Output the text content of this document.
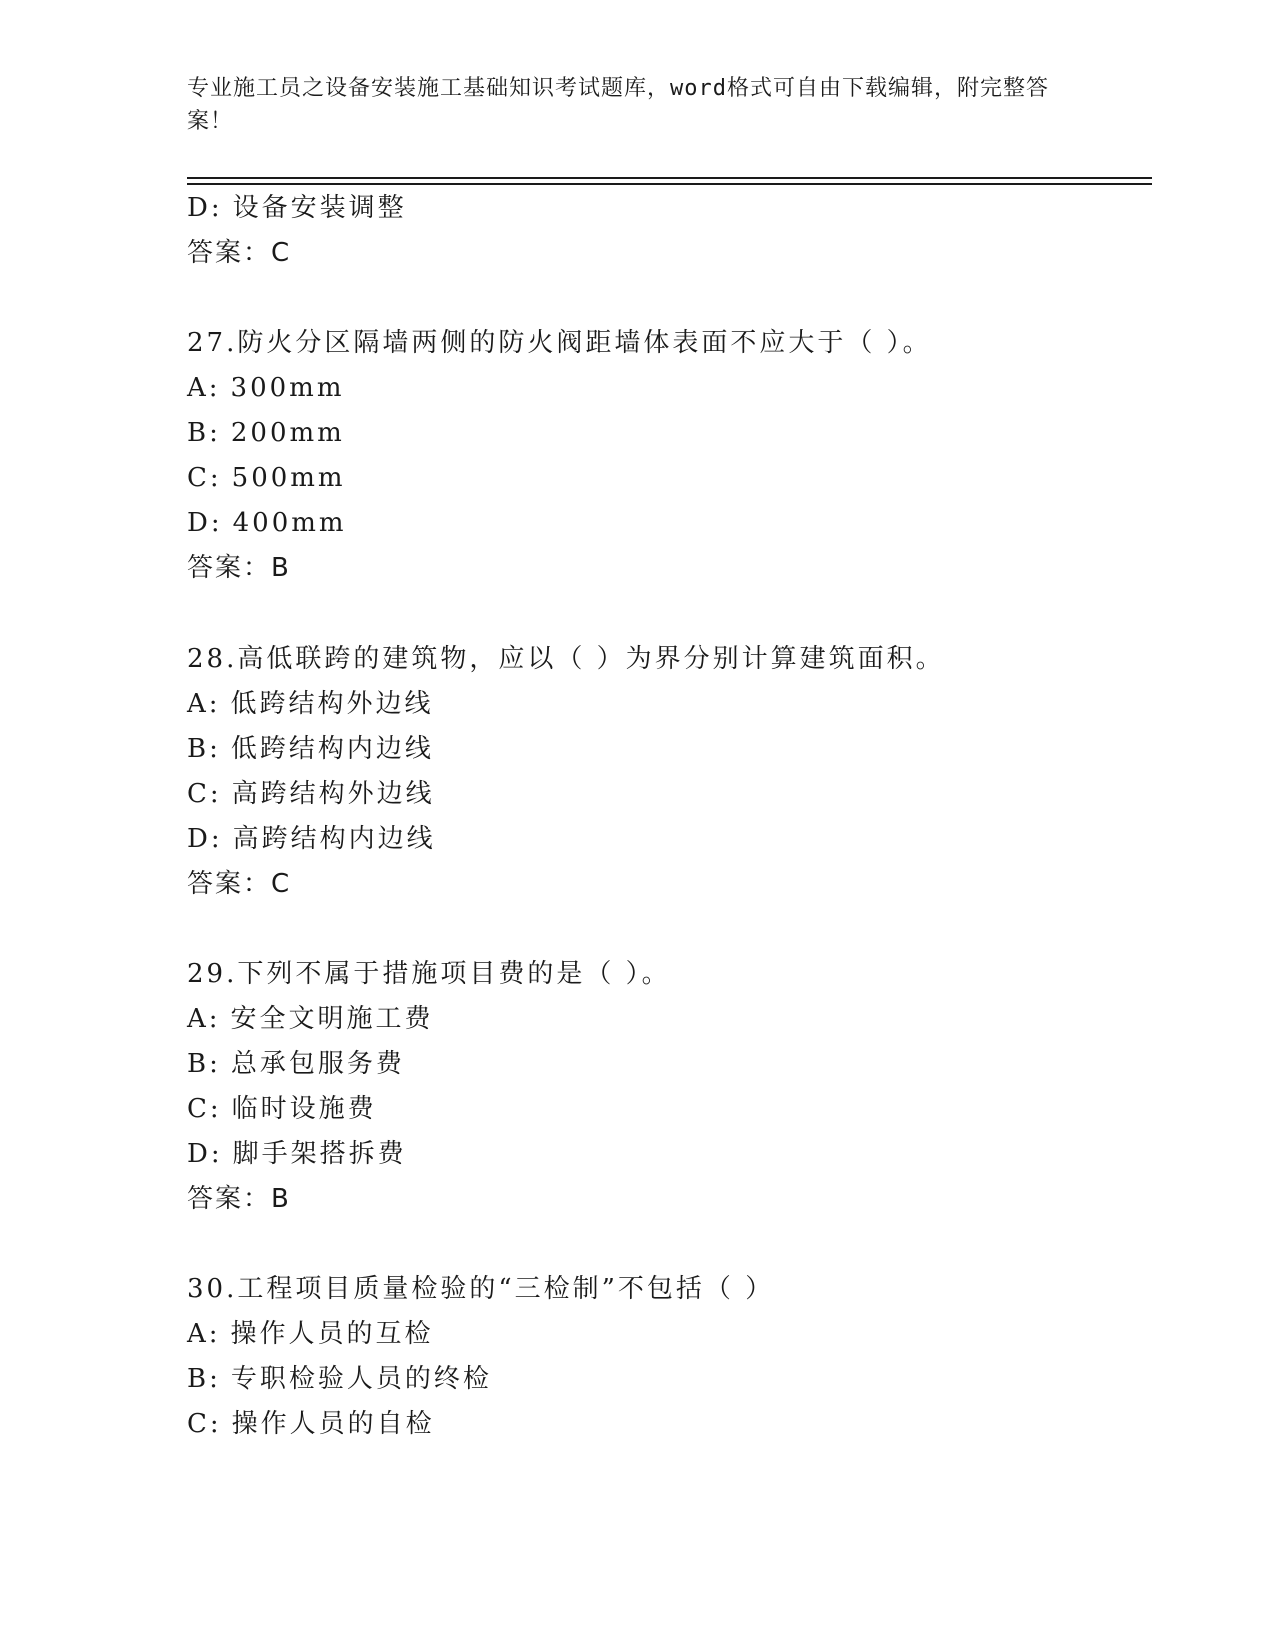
专业施工员之设备安装施工基础知识考试题库，word格式可自由下载编辑，附完整答案！
D: 设备安装调整
答案：C
27.防火分区隔墙两侧的防火阀距墙体表面不应大于（ ）。
A: 300mm
B: 200mm
C: 500mm
D: 400mm
答案：B
28.高低联跨的建筑物，应以（ ）为界分别计算建筑面积。
A: 低跨结构外边线
B: 低跨结构内边线
C: 高跨结构外边线
D: 高跨结构内边线
答案：C
29.下列不属于措施项目费的是（ ）。
A: 安全文明施工费
B: 总承包服务费
C: 临时设施费
D: 脚手架搭拆费
答案：B
30.工程项目质量检验的“三检制”不包括（ ）
A: 操作人员的互检
B: 专职检验人员的终检
C: 操作人员的自检
